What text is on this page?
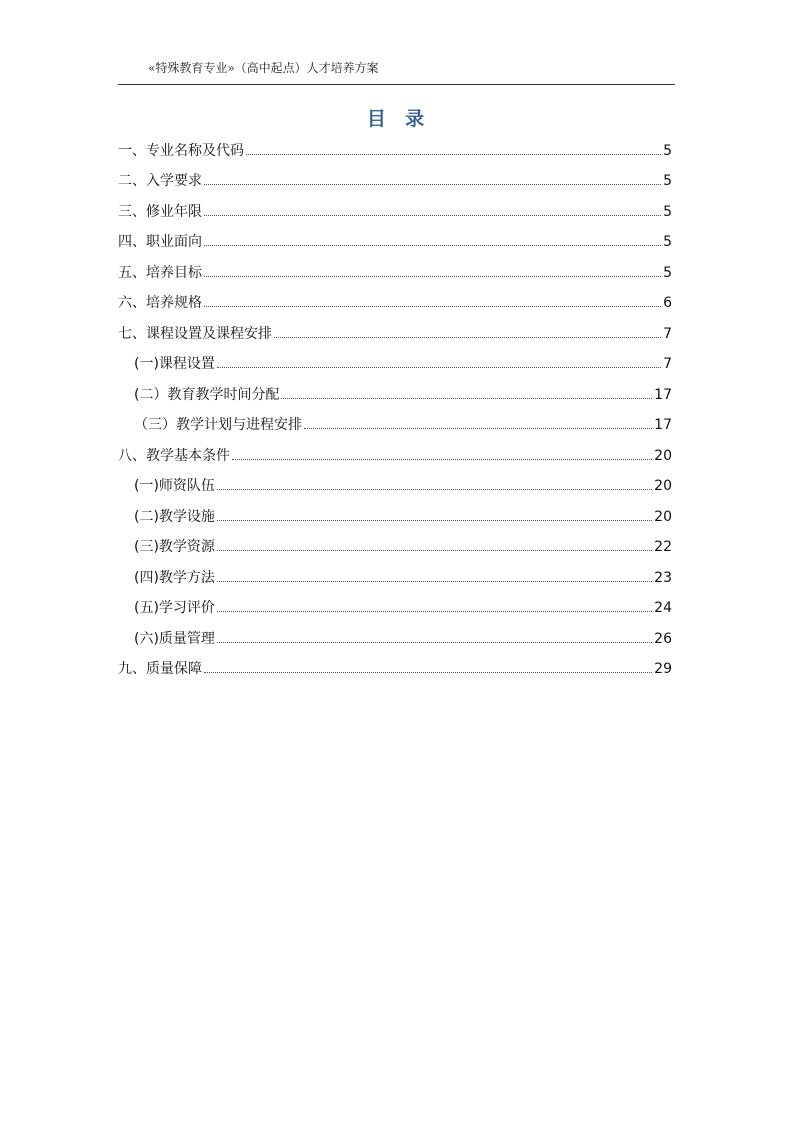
«特殊教育专业»（高中起点）人才培养方案
目  录
一、专业名称及代码	5
二、入学要求	5
三、修业年限	5
四、职业面向	5
五、培养目标	5
六、培养规格	6
七、课程设置及课程安排	7
(一)课程设置	7
(二）教育教学时间分配	17
（三）教学计划与进程安排	17
八、教学基本条件	20
(一)师资队伍	20
(二)教学设施	20
(三)教学资源	22
(四)教学方法	23
(五)学习评价	24
(六)质量管理	26
九、质量保障	29
